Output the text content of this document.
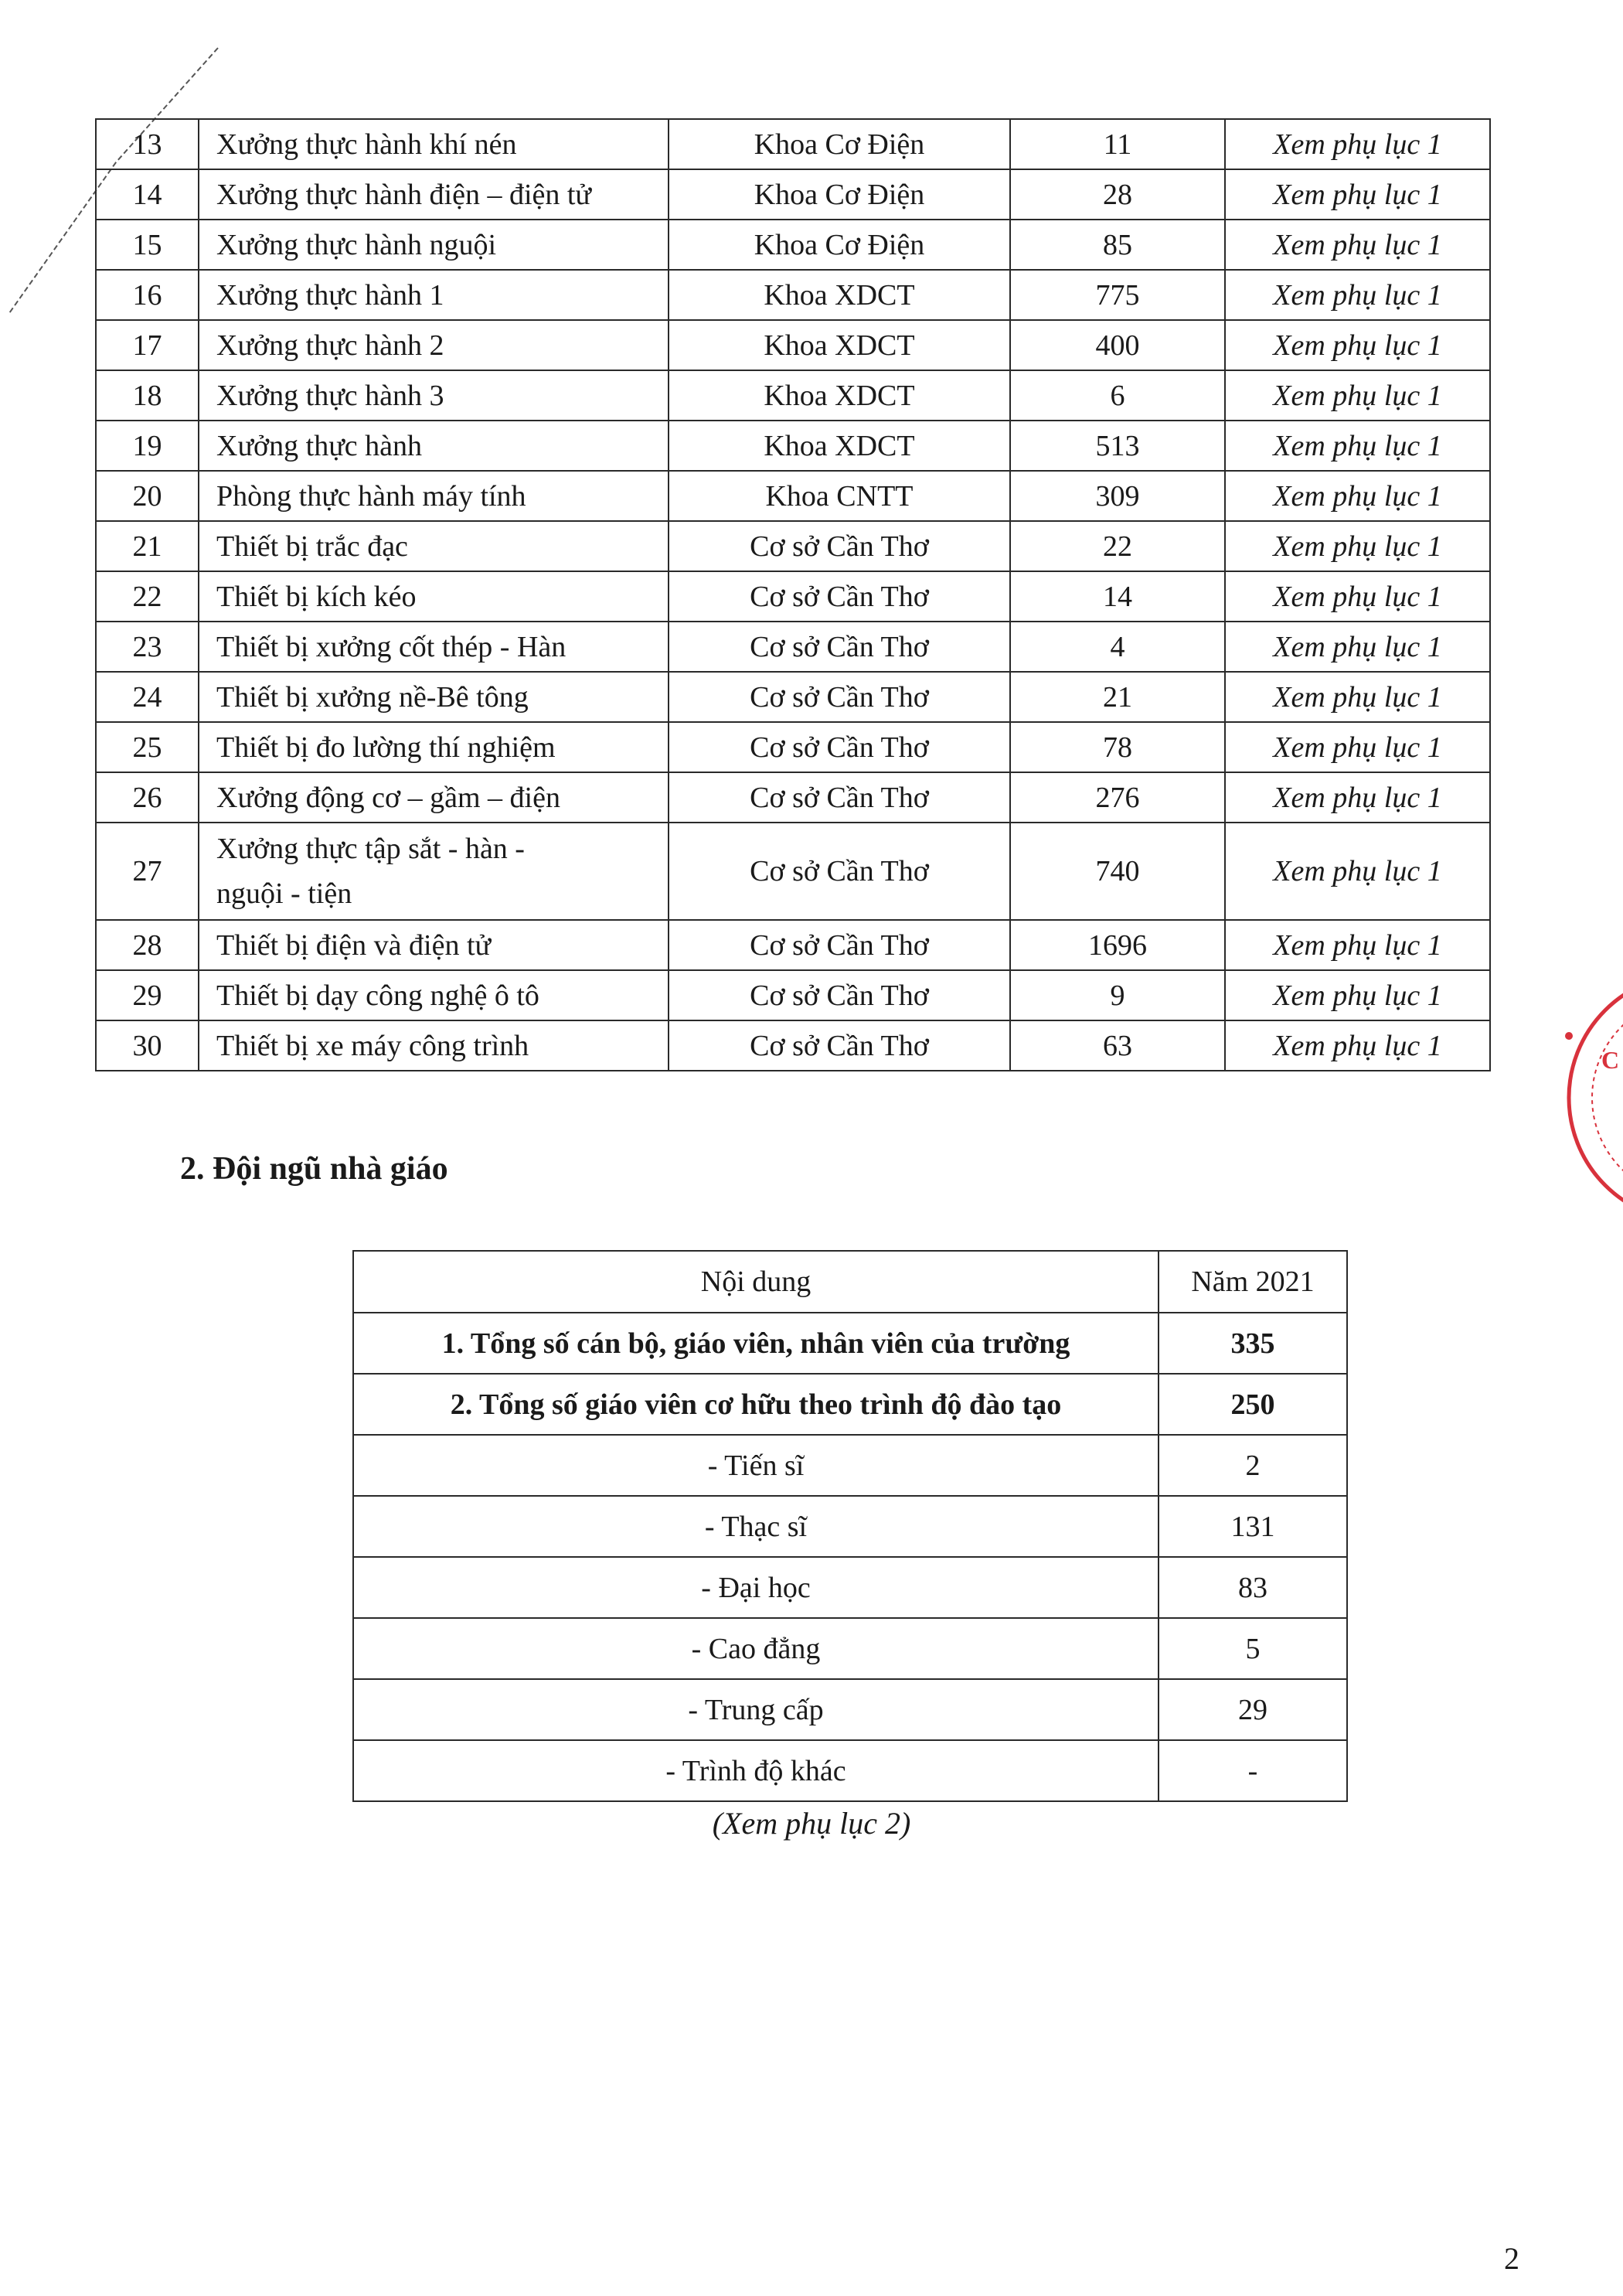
13	Xưởng thực hành khí nén	Khoa Cơ Điện	11	Xem phụ lục 1
14	Xưởng thực hành điện – điện tử	Khoa Cơ Điện	28	Xem phụ lục 1
15	Xưởng thực hành nguội	Khoa Cơ Điện	85	Xem phụ lục 1
16	Xưởng thực hành 1	Khoa XDCT	775	Xem phụ lục 1
17	Xưởng thực hành 2	Khoa XDCT	400	Xem phụ lục 1
18	Xưởng thực hành 3	Khoa XDCT	6	Xem phụ lục 1
19	Xưởng thực hành	Khoa XDCT	513	Xem phụ lục 1
20	Phòng thực hành máy tính	Khoa CNTT	309	Xem phụ lục 1
21	Thiết bị trắc đạc	Cơ sở Cần Thơ	22	Xem phụ lục 1
22	Thiết bị kích kéo	Cơ sở Cần Thơ	14	Xem phụ lục 1
23	Thiết bị xưởng cốt thép - Hàn	Cơ sở Cần Thơ	4	Xem phụ lục 1
24	Thiết bị xưởng nề-Bê tông	Cơ sở Cần Thơ	21	Xem phụ lục 1
25	Thiết bị đo lường thí nghiệm	Cơ sở Cần Thơ	78	Xem phụ lục 1
26	Xưởng động cơ – gầm – điện	Cơ sở Cần Thơ	276	Xem phụ lục 1
27	Xưởng thực tập sắt - hàn -
nguội - tiện	Cơ sở Cần Thơ	740	Xem phụ lục 1
28	Thiết bị điện và điện tử	Cơ sở Cần Thơ	1696	Xem phụ lục 1
29	Thiết bị dạy công nghệ ô tô	Cơ sở Cần Thơ	9	Xem phụ lục 1
30	Thiết bị xe máy công trình	Cơ sở Cần Thơ	63	Xem phụ lục 1
2. Đội ngũ nhà giáo
Nội dung	Năm 2021
1. Tổng số cán bộ, giáo viên, nhân viên của trường	335
2. Tổng số giáo viên cơ hữu theo trình độ đào tạo	250
- Tiến sĩ	2
- Thạc sĩ	131
- Đại học	83
- Cao đẳng	5
- Trung cấp	29
- Trình độ khác	-

(Xem phụ lục 2)

2

C
